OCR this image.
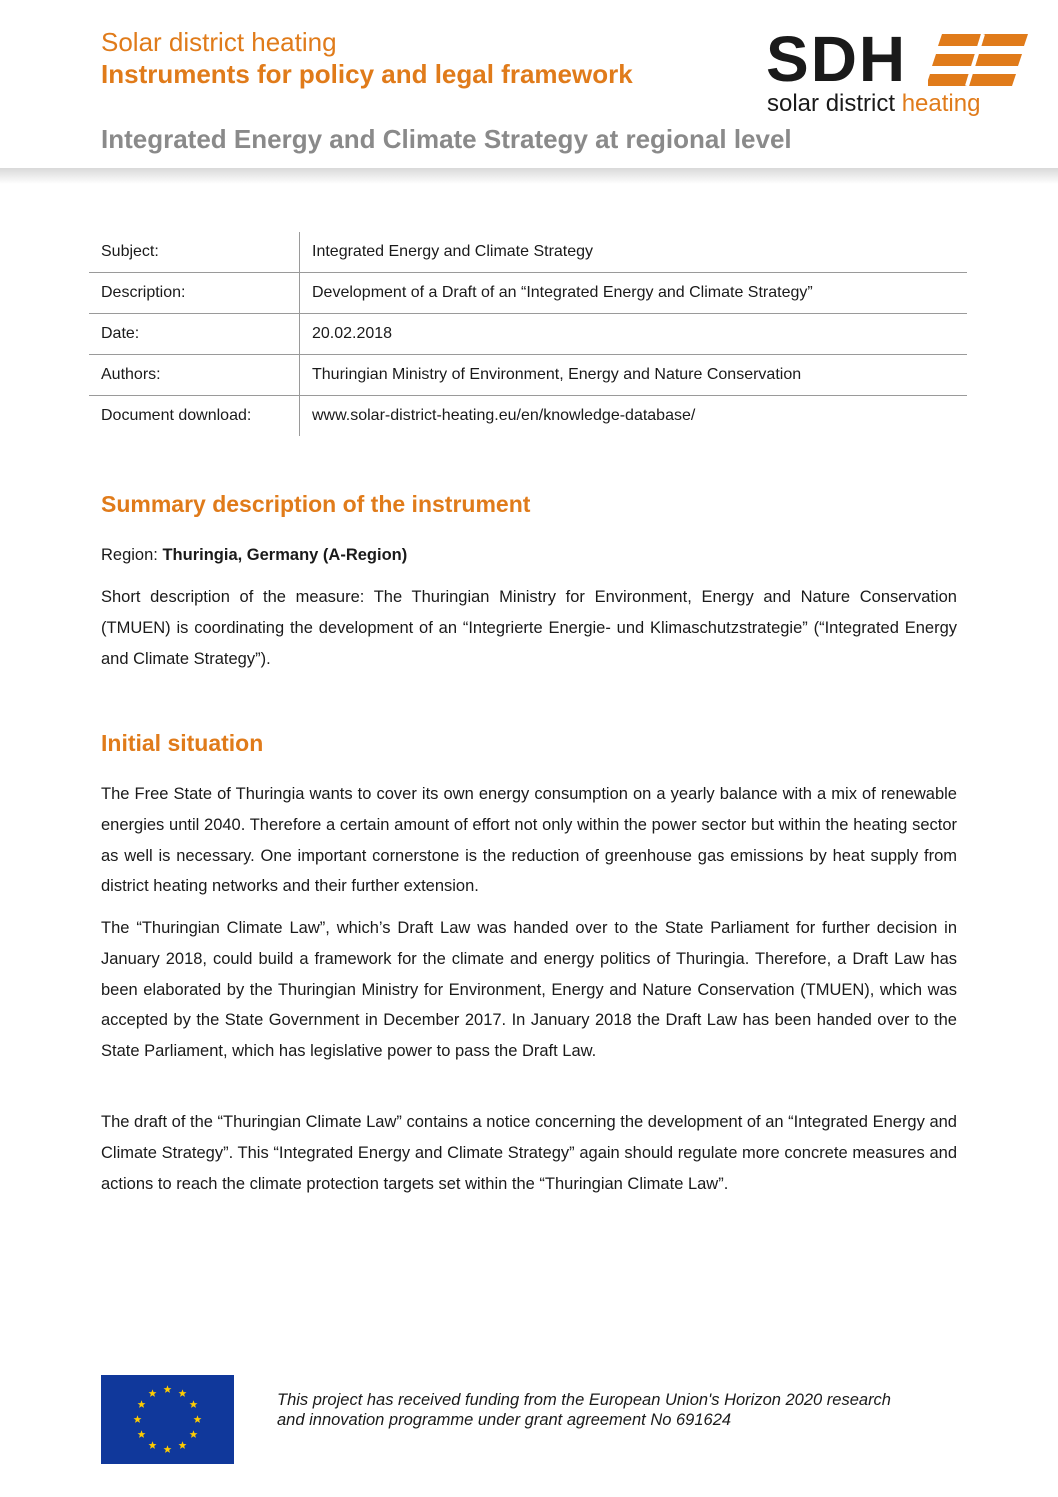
Solar district heating
Instruments for policy and legal framework
Integrated Energy and Climate Strategy at regional level
SDH
solar district heating
Subject:	Integrated Energy and Climate Strategy
Description:	Development of a Draft of an “Integrated Energy and Climate Strategy”
Date:	20.02.2018
Authors:	Thuringian Ministry of Environment, Energy and Nature Conservation
Document download:	www.solar-district-heating.eu/en/knowledge-database/
Summary description of the instrument
Region: Thuringia, Germany (A-Region)
Short description of the measure: The Thuringian Ministry for Environment, Energy and Nature Conservation (TMUEN) is coordinating the development of an “Integrierte Energie- und Klimaschutzstrategie” (“Integrated Energy and Climate Strategy”).
Initial situation
The Free State of Thuringia wants to cover its own energy consumption on a yearly balance with a mix of renewable energies until 2040. Therefore a certain amount of effort not only within the power sector but within the heating sector as well is necessary. One important cornerstone is the reduction of greenhouse gas emissions by heat supply from district heating networks and their further extension.
The “Thuringian Climate Law”, which’s Draft Law was handed over to the State Parliament for further decision in January 2018, could build a framework for the climate and energy politics of Thuringia. Therefore, a Draft Law has been elaborated by the Thuringian Ministry for Environment, Energy and Nature Conservation (TMUEN), which was accepted by the State Government in December 2017. In January 2018 the Draft Law has been handed over to the State Parliament, which has legislative power to pass the Draft Law.
The draft of the “Thuringian Climate Law” contains a notice concerning the development of an “Integrated Energy and Climate Strategy”. This “Integrated Energy and Climate Strategy” again should regulate more concrete measures and actions to reach the climate protection targets set within the “Thuringian Climate Law”.
This project has received funding from the European Union's Horizon 2020 research
and innovation programme under grant agreement No 691624
